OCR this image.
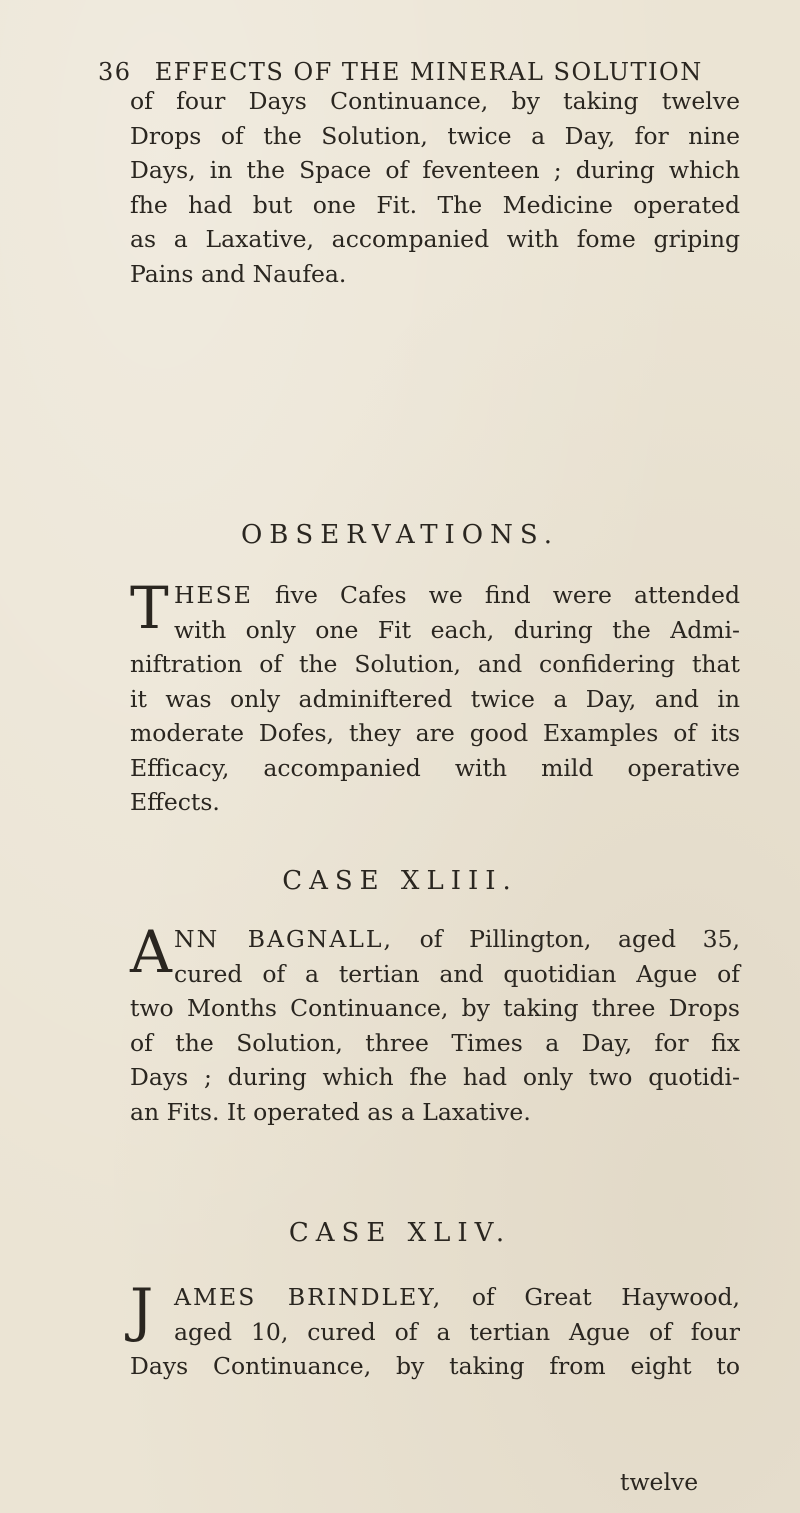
36 EFFECTS OF THE MINERAL SOLUTION
of four Days Continuance, by taking twelve
Drops of the Solution, twice a Day, for nine
Days, in the Space of feventeen ; during which
fhe had but one Fit. The Medicine operated
as a Laxative, accompanied with fome griping
Pains and Naufea.
OBSERVATIONS.
T HESE five Cafes we find were attended
with only one Fit each, during the Admi-
niftration of the Solution, and confidering that
it was only adminiftered twice a Day, and in
moderate Dofes, they are good Examples of its
Efficacy, accompanied with mild operative
Effects.
CASE XLIII.
A NN BAGNALL, of Pillington, aged 35,
cured of a tertian and quotidian Ague of
two Months Continuance, by taking three Drops
of the Solution, three Times a Day, for fix
Days ; during which fhe had only two quotidi-
an Fits. It operated as a Laxative.
CASE XLIV.
J AMES BRINDLEY, of Great Haywood,
aged 10, cured of a tertian Ague of four
Days Continuance, by taking from eight to
twelve
